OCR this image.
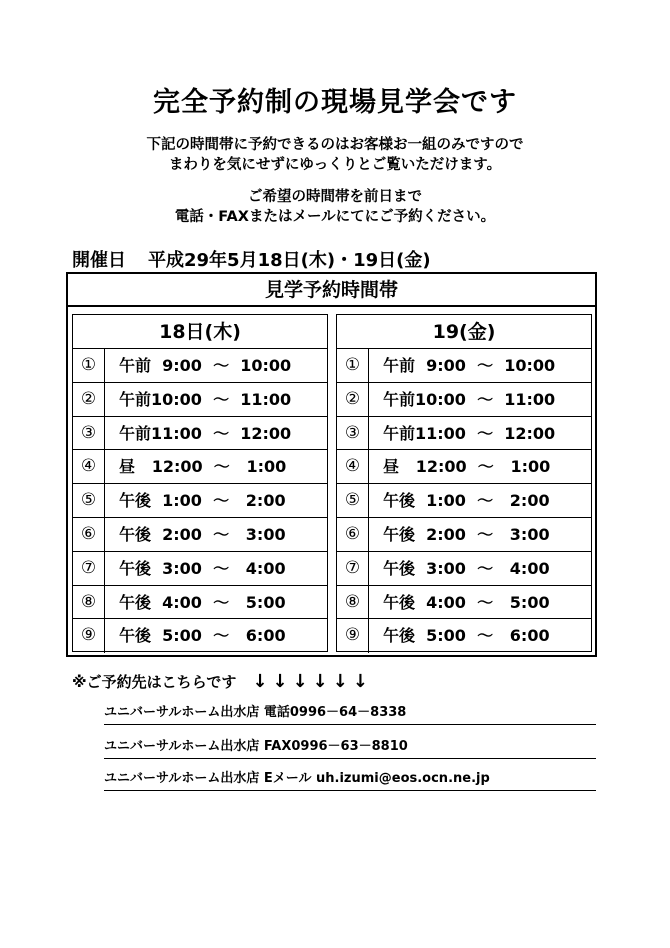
完全予約制の現場見学会です
下記の時間帯に予約できるのはお客様お一組のみですので
まわりを気にせずにゆっくりとご覧いただけます。
ご希望の時間帯を前日まで
電話・FAXまたはメールにてにご予約ください。
開催日 平成29年5月18日(木)・19日(金)
見学予約時間帯
18日(木)
①	午前  9:00  ～  10:00
②	午前10:00  ～  11:00
③	午前11:00  ～  12:00
④	昼   12:00  ～   1:00
⑤	午後  1:00  ～   2:00
⑥	午後  2:00  ～   3:00
⑦	午後  3:00  ～   4:00
⑧	午後  4:00  ～   5:00
⑨	午後  5:00  ～   6:00
19(金)
①	午前  9:00  ～  10:00
②	午前10:00  ～  11:00
③	午前11:00  ～  12:00
④	昼   12:00  ～   1:00
⑤	午後  1:00  ～   2:00
⑥	午後  2:00  ～   3:00
⑦	午後  3:00  ～   4:00
⑧	午後  4:00  ～   5:00
⑨	午後  5:00  ～   6:00
※ご予約先はこちらです ↓↓↓↓↓↓
ユニバーサルホーム出水店 電話0996－64－8338
ユニバーサルホーム出水店 FAX0996－63－8810
ユニバーサルホーム出水店 Eメール uh.izumi@eos.ocn.ne.jp
